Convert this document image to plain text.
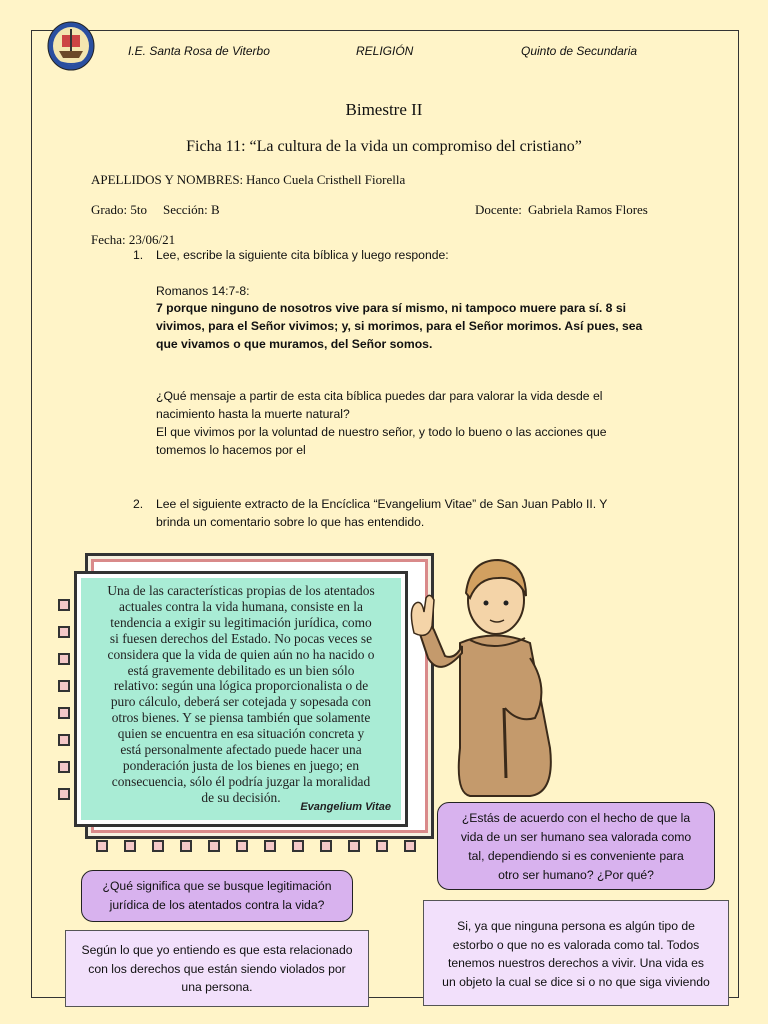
I.E. Santa Rosa de Viterbo	RELIGIÓN	Quinto de Secundaria
Bimestre II
Ficha 11: “La cultura de la vida un compromiso del cristiano”
APELLIDOS Y NOMBRES: Hanco Cuela Cristhell Fiorella
Grado: 5to Sección: B	Docente: Gabriela Ramos Flores
Fecha: 23/06/21
1. Lee, escribe la siguiente cita bíblica y luego responde:
Romanos 14:7-8:
7 porque ninguno de nosotros vive para sí mismo, ni tampoco muere para sí. 8 si
vivimos, para el Señor vivimos; y, si morimos, para el Señor morimos. Así pues, sea
que vivamos o que muramos, del Señor somos.
¿Qué mensaje a partir de esta cita bíblica puedes dar para valorar la vida desde el
nacimiento hasta la muerte natural?
El que vivimos por la voluntad de nuestro señor, y todo lo bueno o las acciones que
tomemos lo hacemos por el
2. Lee el siguiente extracto de la Encíclica “Evangelium Vitae” de San Juan Pablo II. Y
brinda un comentario sobre lo que has entendido.
Una de las características propias de los atentados
actuales contra la vida humana, consiste en la
tendencia a exigir su legitimación jurídica, como
si fuesen derechos del Estado. No pocas veces se
considera que la vida de quien aún no ha nacido o
está gravemente debilitado es un bien sólo
relativo: según una lógica proporcionalista o de
puro cálculo, deberá ser cotejada y sopesada con
otros bienes. Y se piensa también que solamente
quien se encuentra en esa situación concreta y
está personalmente afectado puede hacer una
ponderación justa de los bienes en juego; en
consecuencia, sólo él podría juzgar la moralidad
de su decisión.
Evangelium Vitae
¿Estás de acuerdo con el hecho de que la
vida de un ser humano sea valorada como
tal, dependiendo si es conveniente para
otro ser humano? ¿Por qué?
¿Qué significa que se busque legitimación
jurídica de los atentados contra la vida?
Según lo que yo entiendo es que esta relacionado
con los derechos que están siendo violados por
una persona.
Si, ya que ninguna persona es algún tipo de
estorbo o que no es valorada como tal. Todos
tenemos nuestros derechos a vivir. Una vida es
un objeto la cual se dice si o no que siga viviendo
